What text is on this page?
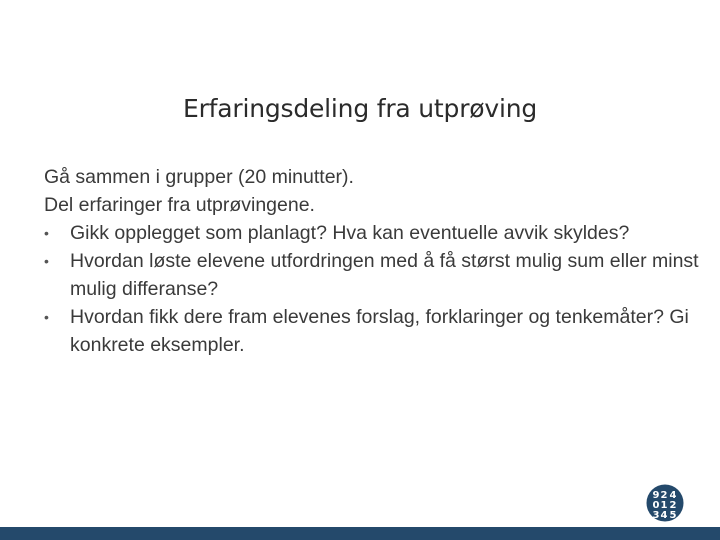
Erfaringsdeling fra utprøving

Gå sammen i grupper (20 minutter).

Del erfaringer fra utprøvingene.

•	Gikk opplegget som planlagt? Hva kan eventuelle avvik skyldes?
•	Hvordan løste elevene utfordringen med å få størst mulig sum eller minst mulig differanse?
•	Hvordan fikk dere fram elevenes forslag, forklaringer og tenkemåter? Gi konkrete eksempler.
9 2 4
0 1 2
3 4 5
